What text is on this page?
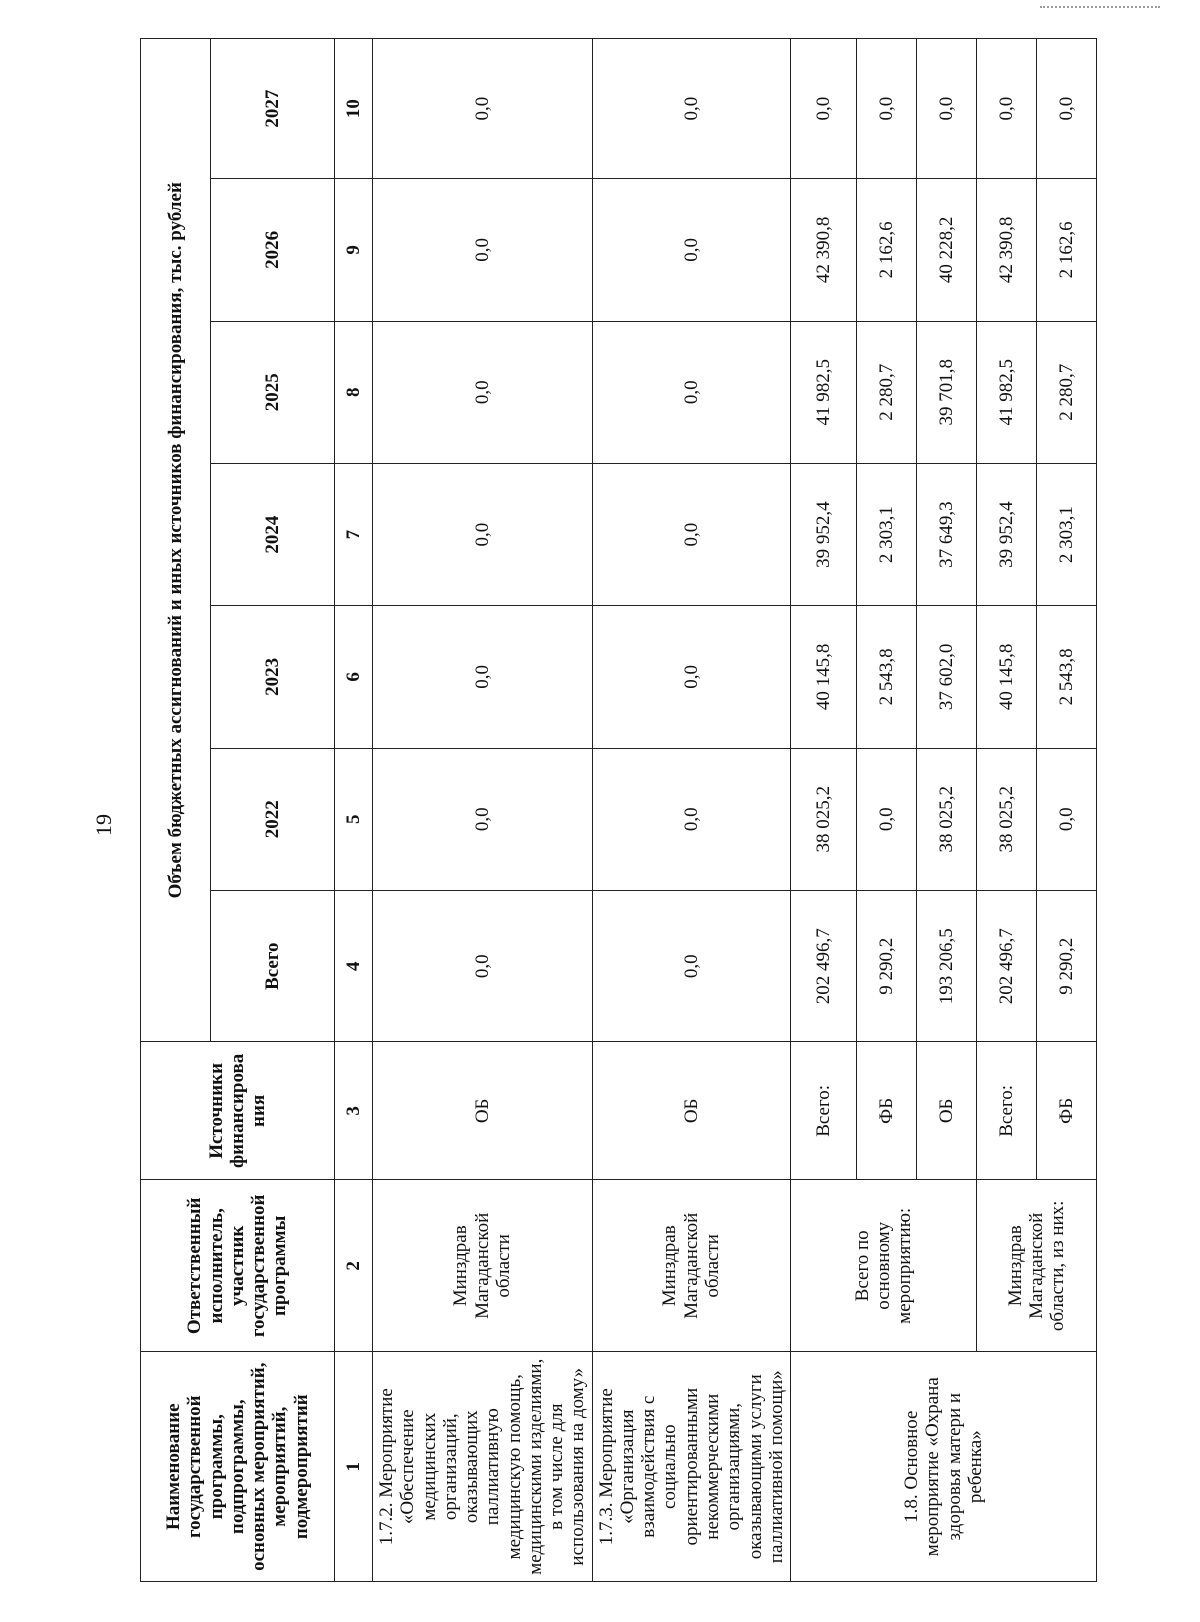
19
Наименование государственной программы, подпрограммы, основных мероприятий, мероприятий, подмероприятий	Ответственный исполнитель, участник государственной программы	Источники финансирова ния	Объем бюджетных ассигнований и иных источников финансирования, тыс. рублей						
			Всего	2022	2023	2024	2025	2026	2027
1	2	3	4	5	6	7	8	9	10
1.7.2. Мероприятие «Обеспечение медицинских организаций, оказывающих паллиативную медицинскую помощь, медицинскими изделиями, в том числе для использования на дому»	Минздрав Магаданской области	ОБ	0,0	0,0	0,0	0,0	0,0	0,0	0,0
1.7.3. Мероприятие «Организация взаимодействия с социально ориентированными некоммерческими организациями, оказывающими услуги паллиативной помощи»	Минздрав Магаданской области	ОБ	0,0	0,0	0,0	0,0	0,0	0,0	0,0
1.8. Основное мероприятие «Охрана здоровья матери и ребенка»	Всего по основному мероприятию:	Всего:	202 496,7	38 025,2	40 145,8	39 952,4	41 982,5	42 390,8	0,0
		ФБ	9 290,2	0,0	2 543,8	2 303,1	2 280,7	2 162,6	0,0
		ОБ	193 206,5	38 025,2	37 602,0	37 649,3	39 701,8	40 228,2	0,0
	Минздрав Магаданской области, из них:	Всего:	202 496,7	38 025,2	40 145,8	39 952,4	41 982,5	42 390,8	0,0
		ФБ	9 290,2	0,0	2 543,8	2 303,1	2 280,7	2 162,6	0,0
